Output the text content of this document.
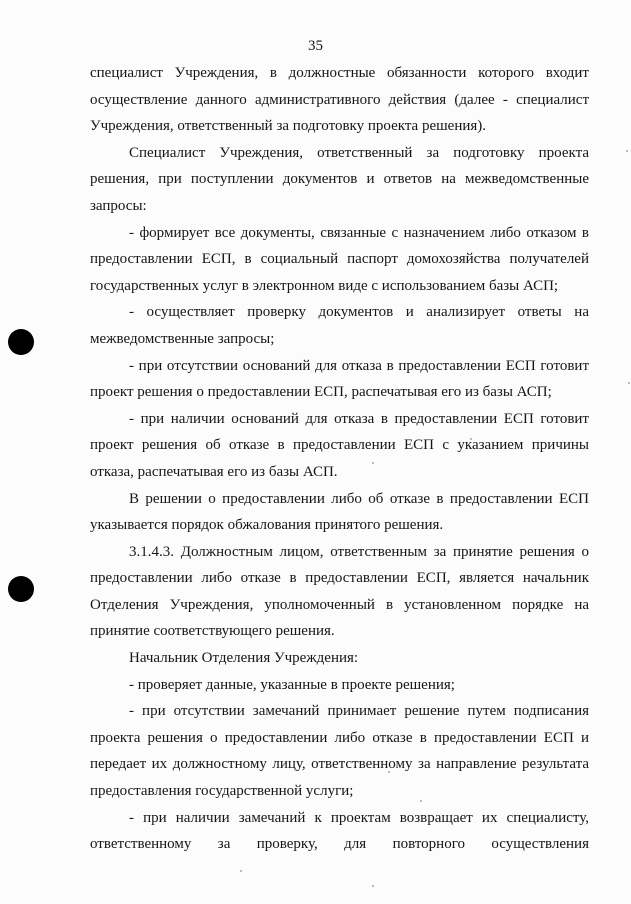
35

специалист Учреждения, в должностные обязанности которого входит осуществление данного административного действия (далее - специалист Учреждения, ответственный за подготовку проекта решения).

Специалист Учреждения, ответственный за подготовку проекта решения, при поступлении документов и ответов на межведомственные запросы:

- формирует все документы, связанные с назначением либо отказом в предоставлении ЕСП, в социальный паспорт домохозяйства получателей государственных услуг в электронном виде с использованием базы АСП;

- осуществляет проверку документов и анализирует ответы на межведомственные запросы;

- при отсутствии оснований для отказа в предоставлении ЕСП готовит проект решения о предоставлении ЕСП, распечатывая его из базы АСП;

- при наличии оснований для отказа в предоставлении ЕСП готовит проект решения об отказе в предоставлении ЕСП с указанием причины отказа, распечатывая его из базы АСП.

В решении о предоставлении либо об отказе в предоставлении ЕСП указывается порядок обжалования принятого решения.

3.1.4.3. Должностным лицом, ответственным за принятие решения о предоставлении либо отказе в предоставлении ЕСП, является начальник Отделения Учреждения, уполномоченный в установленном порядке на принятие соответствующего решения.

Начальник Отделения Учреждения:

- проверяет данные, указанные в проекте решения;

- при отсутствии замечаний принимает решение путем подписания проекта решения о предоставлении либо отказе в предоставлении ЕСП и передает их должностному лицу, ответственному за направление результата предоставления государственной услуги;

- при наличии замечаний к проектам возвращает их специалисту, ответственному за проверку, для повторного осуществления
